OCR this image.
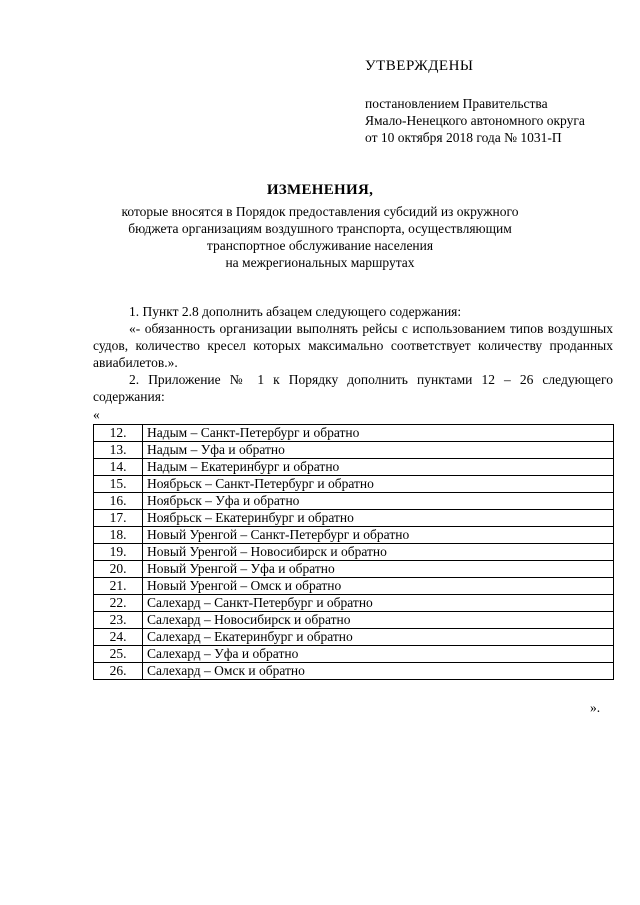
УТВЕРЖДЕНЫ
постановлением Правительства
Ямало-Ненецкого автономного округа
от 10 октября 2018 года № 1031-П
ИЗМЕНЕНИЯ,
которые вносятся в Порядок предоставления субсидий из окружного
бюджета организациям воздушного транспорта, осуществляющим
транспортное обслуживание населения
на межрегиональных маршрутах

1. Пункт 2.8 дополнить абзацем следующего содержания:

«- обязанность организации выполнять рейсы с использованием типов воздушных судов, количество кресел которых максимально соответствует количеству проданных авиабилетов.».

2. Приложение № 1 к Порядку дополнить пунктами 12 – 26 следующего содержания:

«
12.	Надым – Санкт-Петербург и обратно
13.	Надым – Уфа и обратно
14.	Надым – Екатеринбург и обратно
15.	Ноябрьск – Санкт-Петербург и обратно
16.	Ноябрьск – Уфа и обратно
17.	Ноябрьск – Екатеринбург и обратно
18.	Новый Уренгой – Санкт-Петербург и обратно
19.	Новый Уренгой – Новосибирск и обратно
20.	Новый Уренгой – Уфа и обратно
21.	Новый Уренгой – Омск и обратно
22.	Салехард – Санкт-Петербург и обратно
23.	Салехард – Новосибирск и обратно
24.	Салехард – Екатеринбург и обратно
25.	Салехард – Уфа и обратно
26.	Салехард – Омск и обратно
».
